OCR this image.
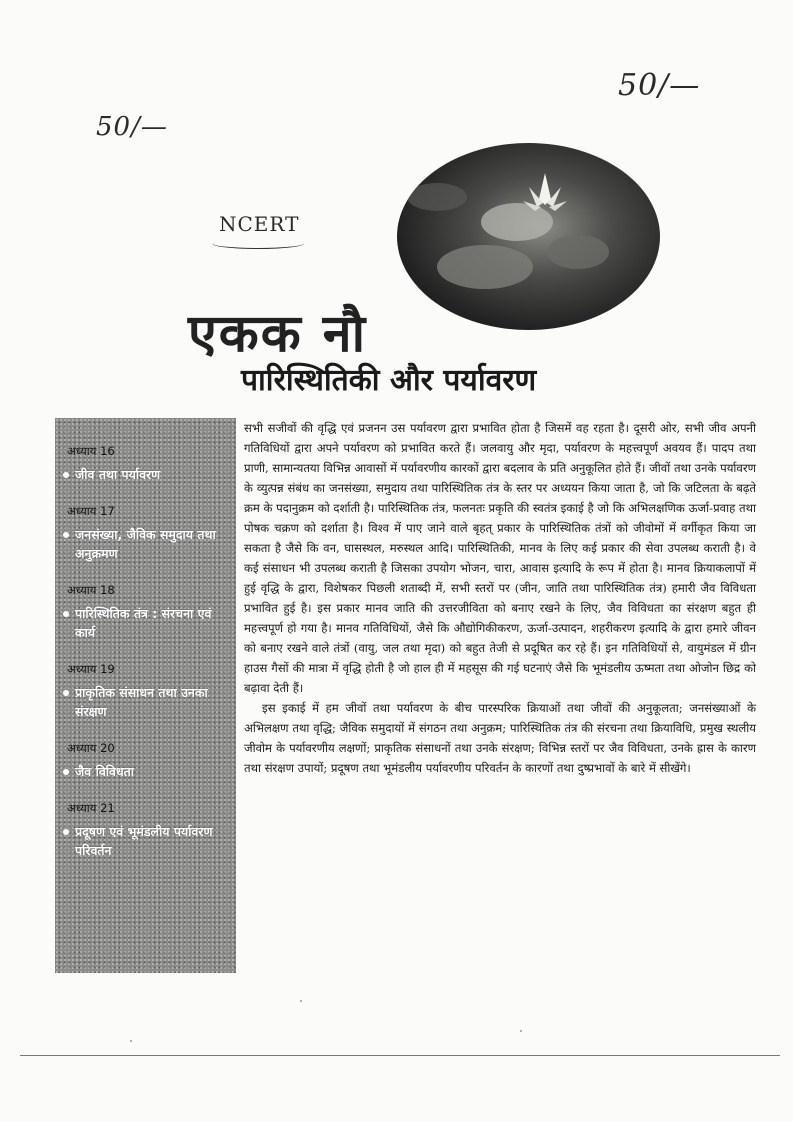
50/—
50/—
NCERT
एकक नौ
पारिस्थितिकी और पर्यावरण
अध्याय 16
जीव तथा पर्यावरण
अध्याय 17
जनसंख्या, जैविक समुदाय तथा अनुक्रमण
अध्याय 18
पारिस्थितिक तंत्र : संरचना एवं कार्य
अध्याय 19
प्राकृतिक संसाधन तथा उनका संरक्षण
अध्याय 20
जैव विविधता
अध्याय 21
प्रदूषण एवं भूमंडलीय पर्यावरण परिवर्तन

सभी सजीवों की वृद्धि एवं प्रजनन उस पर्यावरण द्वारा प्रभावित होता है जिसमें वह रहता है। दूसरी ओर, सभी जीव अपनी गतिविधियों द्वारा अपने पर्यावरण को प्रभावित करते हैं। जलवायु और मृदा, पर्यावरण के महत्त्वपूर्ण अवयव हैं। पादप तथा प्राणी, सामान्यतया विभिन्न आवासों में पर्यावरणीय कारकों द्वारा बदलाव के प्रति अनुकूलित होते हैं। जीवों तथा उनके पर्यावरण के व्युत्पन्न संबंध का जनसंख्या, समुदाय तथा पारिस्थितिक तंत्र के स्तर पर अध्ययन किया जाता है, जो कि जटिलता के बढ़ते क्रम के पदानुक्रम को दर्शाती है। पारिस्थितिक तंत्र, फलनतः प्रकृति की स्वतंत्र इकाई है जो कि अभिलक्षणिक ऊर्जा-प्रवाह तथा पोषक चक्रण को दर्शाता है। विश्व में पाए जाने वाले बृहत् प्रकार के पारिस्थितिक तंत्रों को जीवोमों में वर्गीकृत किया जा सकता है जैसे कि वन, घासस्थल, मरुस्थल आदि। पारिस्थितिकी, मानव के लिए कई प्रकार की सेवा उपलब्ध कराती है। वे कई संसाधन भी उपलब्ध कराती है जिसका उपयोग भोजन, चारा, आवास इत्यादि के रूप में होता है। मानव क्रियाकलापों में हुई वृद्धि के द्वारा, विशेषकर पिछली शताब्दी में, सभी स्तरों पर (जीन, जाति तथा पारिस्थितिक तंत्र) हमारी जैव विविधता प्रभावित हुई है। इस प्रकार मानव जाति की उत्तरजीविता को बनाए रखने के लिए, जैव विविधता का संरक्षण बहुत ही महत्त्वपूर्ण हो गया है। मानव गतिविधियों, जैसे कि औद्योगिकीकरण, ऊर्जा-उत्पादन, शहरीकरण इत्यादि के द्वारा हमारे जीवन को बनाए रखने वाले तंत्रों (वायु, जल तथा मृदा) को बहुत तेजी से प्रदूषित कर रहे हैं। इन गतिविधियों से, वायुमंडल में ग्रीन हाउस गैसों की मात्रा में वृद्धि होती है जो हाल ही में महसूस की गई घटनाएं जैसे कि भूमंडलीय ऊष्मता तथा ओजोन छिद्र को बढ़ावा देती हैं।

इस इकाई में हम जीवों तथा पर्यावरण के बीच पारस्परिक क्रियाओं तथा जीवों की अनुकूलता; जनसंख्याओं के अभिलक्षण तथा वृद्धि; जैविक समुदायों में संगठन तथा अनुक्रम; पारिस्थितिक तंत्र की संरचना तथा क्रियाविधि, प्रमुख स्थलीय जीवोम के पर्यावरणीय लक्षणों; प्राकृतिक संसाधनों तथा उनके संरक्षण; विभिन्न स्तरों पर जैव विविधता, उनके ह्रास के कारण तथा संरक्षण उपायों; प्रदूषण तथा भूमंडलीय पर्यावरणीय परिवर्तन के कारणों तथा दुष्प्रभावों के बारे में सीखेंगे।
